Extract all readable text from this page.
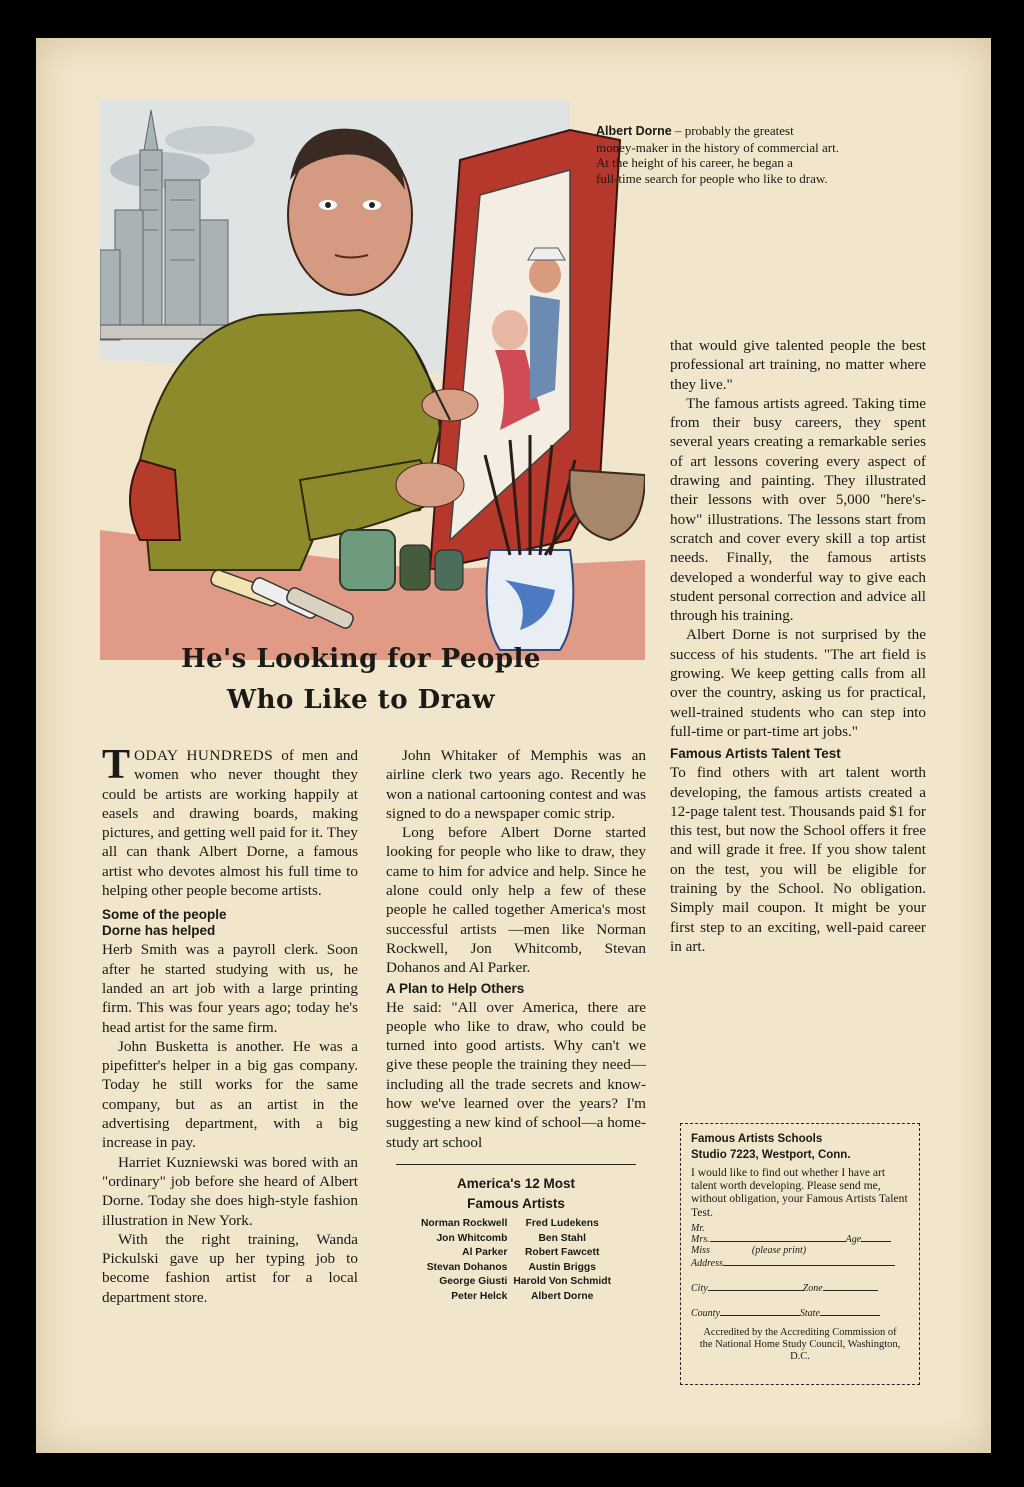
Albert Dorne – probably the greatest
money-maker in the history of commercial art.
At the height of his career, he began a
full-time search for people who like to draw.
He's Looking for People
Who Like to Draw

TODAY HUNDREDS of men and women who never thought they could be artists are working happily at easels and drawing boards, making pictures, and getting well paid for it. They all can thank Albert Dorne, a famous artist who devotes almost his full time to helping other people become artists.

Some of the people
Dorne has helped

Herb Smith was a payroll clerk. Soon after he started studying with us, he landed an art job with a large printing firm. This was four years ago; today he's head artist for the same firm.

John Busketta is another. He was a pipefitter's helper in a big gas company. Today he still works for the same company, but as an artist in the advertising department, with a big increase in pay.

Harriet Kuzniewski was bored with an "ordinary" job before she heard of Albert Dorne. Today she does high-style fashion illustration in New York.

With the right training, Wanda Pickulski gave up her typing job to become fashion artist for a local department store.

John Whitaker of Memphis was an airline clerk two years ago. Recently he won a national cartooning contest and was signed to do a newspaper comic strip.

Long before Albert Dorne started looking for people who like to draw, they came to him for advice and help. Since he alone could only help a few of these people he called together America's most successful artists —men like Norman Rockwell, Jon Whitcomb, Stevan Dohanos and Al Parker.

A Plan to Help Others

He said: "All over America, there are people who like to draw, who could be turned into good artists. Why can't we give these people the training they need—including all the trade secrets and know-how we've learned over the years? I'm suggesting a new kind of school—a home-study art school

America's 12 Most
Famous Artists
Norman Rockwell	Fred Ludekens
Jon Whitcomb	Ben Stahl
Al Parker	Robert Fawcett
Stevan Dohanos	Austin Briggs
George Giusti	Harold Von Schmidt
Peter Helck	Albert Dorne

that would give talented people the best professional art training, no matter where they live."

The famous artists agreed. Taking time from their busy careers, they spent several years creating a remarkable series of art lessons covering every aspect of drawing and painting. They illustrated their lessons with over 5,000 "here's-how" illustrations. The lessons start from scratch and cover every skill a top artist needs. Finally, the famous artists developed a wonderful way to give each student personal correction and advice all through his training.

Albert Dorne is not surprised by the success of his students. "The art field is growing. We keep getting calls from all over the country, asking us for practical, well-trained students who can step into full-time or part-time art jobs."

Famous Artists Talent Test

To find others with art talent worth developing, the famous artists created a 12-page talent test. Thousands paid $1 for this test, but now the School offers it free and will grade it free. If you show talent on the test, you will be eligible for training by the School. No obligation. Simply mail coupon. It might be your first step to an exciting, well-paid career in art.

Famous Artists Schools
Studio 7223, Westport, Conn.
I would like to find out whether I have art talent worth developing. Please send me, without obligation, your Famous Artists Talent Test.
Mr.
Mrs.	Age
Miss	(please print)
Address
City	Zone
County	State
Accredited by the Accrediting Commission of the National Home Study Council, Washington, D.C.
